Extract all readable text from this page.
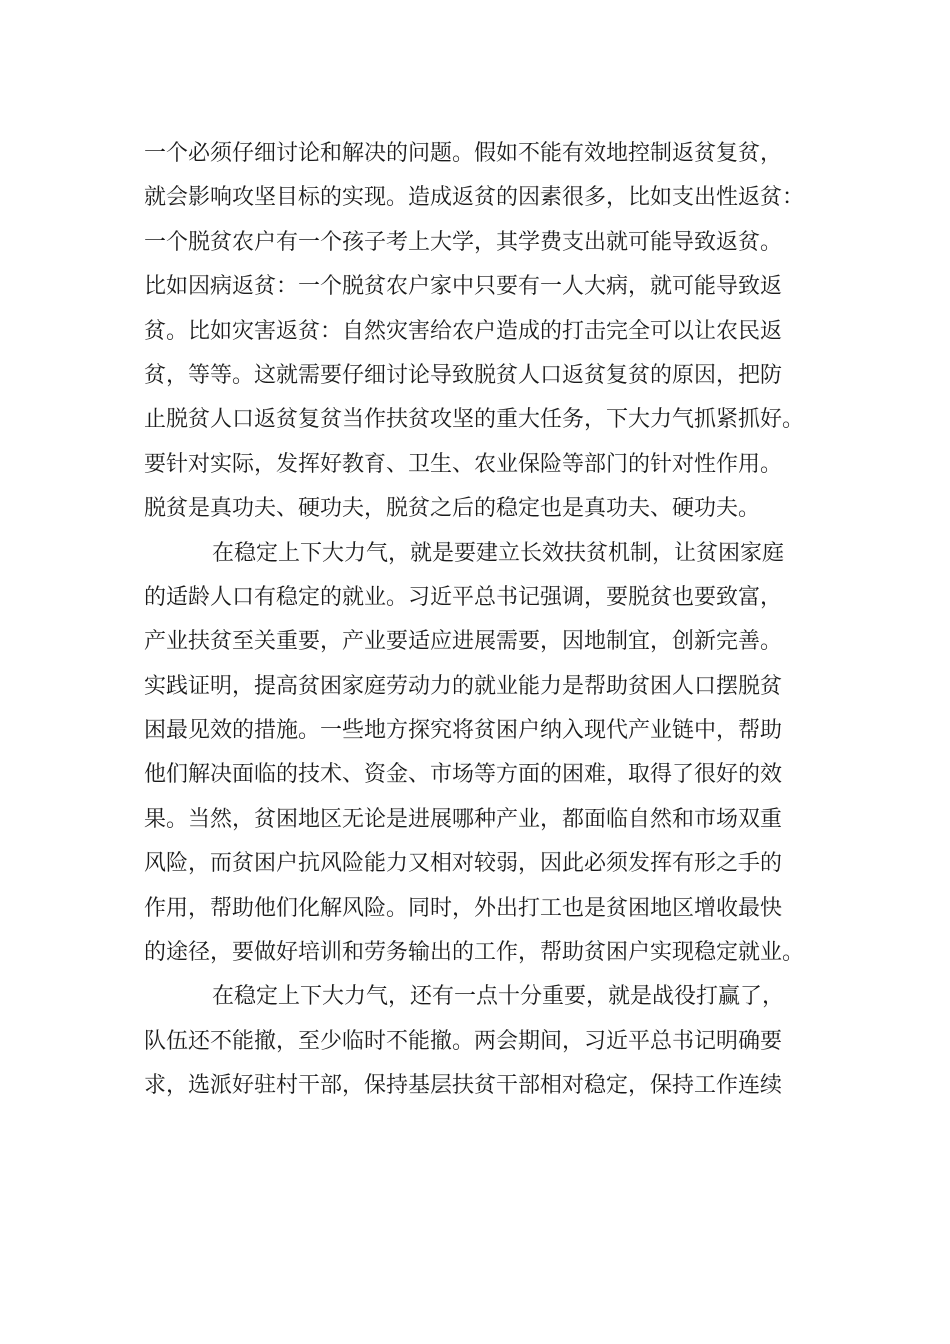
一个必须仔细讨论和解决的问题。假如不能有效地控制返贫复贫，
就会影响攻坚目标的实现。造成返贫的因素很多，比如支出性返贫：
一个脱贫农户有一个孩子考上大学，其学费支出就可能导致返贫。
比如因病返贫：一个脱贫农户家中只要有一人大病，就可能导致返
贫。比如灾害返贫：自然灾害给农户造成的打击完全可以让农民返
贫，等等。这就需要仔细讨论导致脱贫人口返贫复贫的原因，把防
止脱贫人口返贫复贫当作扶贫攻坚的重大任务，下大力气抓紧抓好。
要针对实际，发挥好教育、卫生、农业保险等部门的针对性作用。
脱贫是真功夫、硬功夫，脱贫之后的稳定也是真功夫、硬功夫。
在稳定上下大力气，就是要建立长效扶贫机制，让贫困家庭
的适龄人口有稳定的就业。习近平总书记强调，要脱贫也要致富，
产业扶贫至关重要，产业要适应进展需要，因地制宜，创新完善。
实践证明，提高贫困家庭劳动力的就业能力是帮助贫困人口摆脱贫
困最见效的措施。一些地方探究将贫困户纳入现代产业链中，帮助
他们解决面临的技术、资金、市场等方面的困难，取得了很好的效
果。当然，贫困地区无论是进展哪种产业，都面临自然和市场双重
风险，而贫困户抗风险能力又相对较弱，因此必须发挥有形之手的
作用，帮助他们化解风险。同时，外出打工也是贫困地区增收最快
的途径，要做好培训和劳务输出的工作，帮助贫困户实现稳定就业。
在稳定上下大力气，还有一点十分重要，就是战役打赢了，
队伍还不能撤，至少临时不能撤。两会期间，习近平总书记明确要
求，选派好驻村干部，保持基层扶贫干部相对稳定，保持工作连续
